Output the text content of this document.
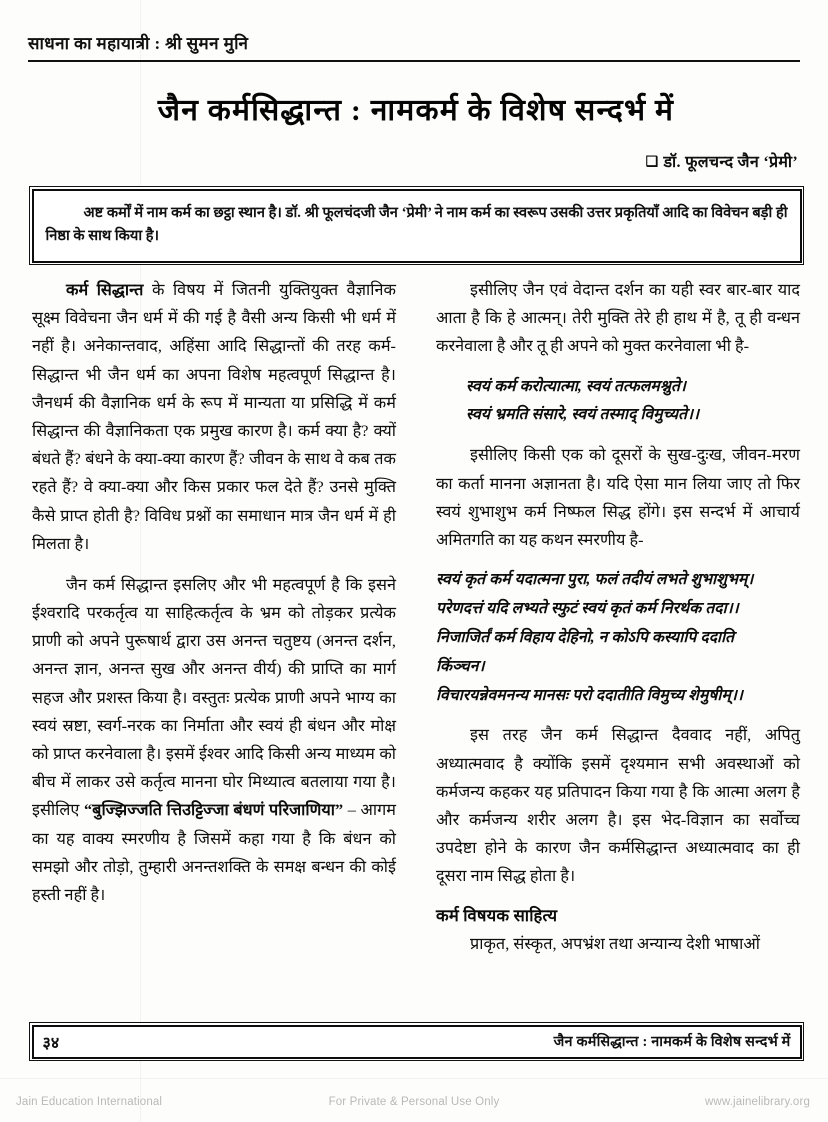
साधना का महायात्री : श्री सुमन मुनि
जैन कर्मसिद्धान्त : नामकर्म के विशेष सन्दर्भ में
❑ डॉ. फूलचन्द जैन ‘प्रेमी’
अष्ट कर्मों में नाम कर्म का छट्ठा स्थान है। डॉ. श्री फूलचंदजी जैन ‘प्रेमी’ ने नाम कर्म का स्वरूप उसकी उत्तर प्रकृतियाँ आदि का विवेचन बड़ी ही निष्ठा के साथ किया है।

कर्म सिद्धान्त के विषय में जितनी युक्तियुक्त वैज्ञानिक सूक्ष्म विवेचना जैन धर्म में की गई है वैसी अन्य किसी भी धर्म में नहीं है। अनेकान्तवाद, अहिंसा आदि सिद्धान्तों की तरह कर्म-सिद्धान्त भी जैन धर्म का अपना विशेष महत्वपूर्ण सिद्धान्त है। जैनधर्म की वैज्ञानिक धर्म के रूप में मान्यता या प्रसिद्धि में कर्म सिद्धान्त की वैज्ञानिकता एक प्रमुख कारण है। कर्म क्या है? क्यों बंधते हैं? बंधने के क्या-क्या कारण हैं? जीवन के साथ वे कब तक रहते हैं? वे क्या-क्या और किस प्रकार फल देते हैं? उनसे मुक्ति कैसे प्राप्त होती है? विविध प्रश्नों का समाधान मात्र जैन धर्म में ही मिलता है।

जैन कर्म सिद्धान्त इसलिए और भी महत्वपूर्ण है कि इसने ईश्वरादि परकर्तृत्व या साहित्कर्तृत्व के भ्रम को तोड़कर प्रत्येक प्राणी को अपने पुरूषार्थ द्वारा उस अनन्त चतुष्टय (अनन्त दर्शन, अनन्त ज्ञान, अनन्त सुख और अनन्त वीर्य) की प्राप्ति का मार्ग सहज और प्रशस्त किया है। वस्तुतः प्रत्येक प्राणी अपने भाग्य का स्वयं स्रष्टा, स्वर्ग-नरक का निर्माता और स्वयं ही बंधन और मोक्ष को प्राप्त करनेवाला है। इसमें ईश्वर आदि किसी अन्य माध्यम को बीच में लाकर उसे कर्तृत्व मानना घोर मिथ्यात्व बतलाया गया है। इसीलिए “बुज्झिज्जति त्तिउट्टिज्जा बंधणं परिजाणिया” – आगम का यह वाक्य स्मरणीय है जिसमें कहा गया है कि बंधन को समझो और तोड़ो, तुम्हारी अनन्तशक्ति के समक्ष बन्धन की कोई हस्ती नहीं है।

इसीलिए जैन एवं वेदान्त दर्शन का यही स्वर बार-बार याद आता है कि हे आत्मन्। तेरी मुक्ति तेरे ही हाथ में है, तू ही वन्धन करनेवाला है और तू ही अपने को मुक्त करनेवाला भी है-

स्वयं कर्म करोत्यात्मा, स्वयं तत्फलमश्नुते।
स्वयं भ्रमति संसारे, स्वयं तस्माद् विमुच्यते।।

इसीलिए किसी एक को दूसरों के सुख-दुःख, जीवन-मरण का कर्ता मानना अज्ञानता है। यदि ऐसा मान लिया जाए तो फिर स्वयं शुभाशुभ कर्म निष्फल सिद्ध होंगे। इस सन्दर्भ में आचार्य अमितगति का यह कथन स्मरणीय है-

स्वयं कृतं कर्म यदात्मना पुरा, फलं तदीयं लभते शुभाशुभम्।
परेणदत्तं यदि लभ्यते स्फुटं स्वयं कृतं कर्म निरर्थक तदा।।
निजाजिर्तं कर्म विहाय देहिनो, न कोऽपि कस्यापि ददाति
किंञ्चन।
विचारयन्नेवमनन्य मानसः परो ददातीति विमुच्य शेमुषीम्।।

इस तरह जैन कर्म सिद्धान्त दैववाद नहीं, अपितु अध्यात्मवाद है क्योंकि इसमें दृश्यमान सभी अवस्थाओं को कर्मजन्य कहकर यह प्रतिपादन किया गया है कि आत्मा अलग है और कर्मजन्य शरीर अलग है। इस भेद-विज्ञान का सर्वोच्च उपदेष्टा होने के कारण जैन कर्मसिद्धान्त अध्यात्मवाद का ही दूसरा नाम सिद्ध होता है।

कर्म विषयक साहित्य

प्राकृत, संस्कृत, अपभ्रंश तथा अन्यान्य देशी भाषाओं

३४	जैन कर्मसिद्धान्त : नामकर्म के विशेष सन्दर्भ में
Jain Education International	For Private & Personal Use Only	www.jainelibrary.org
